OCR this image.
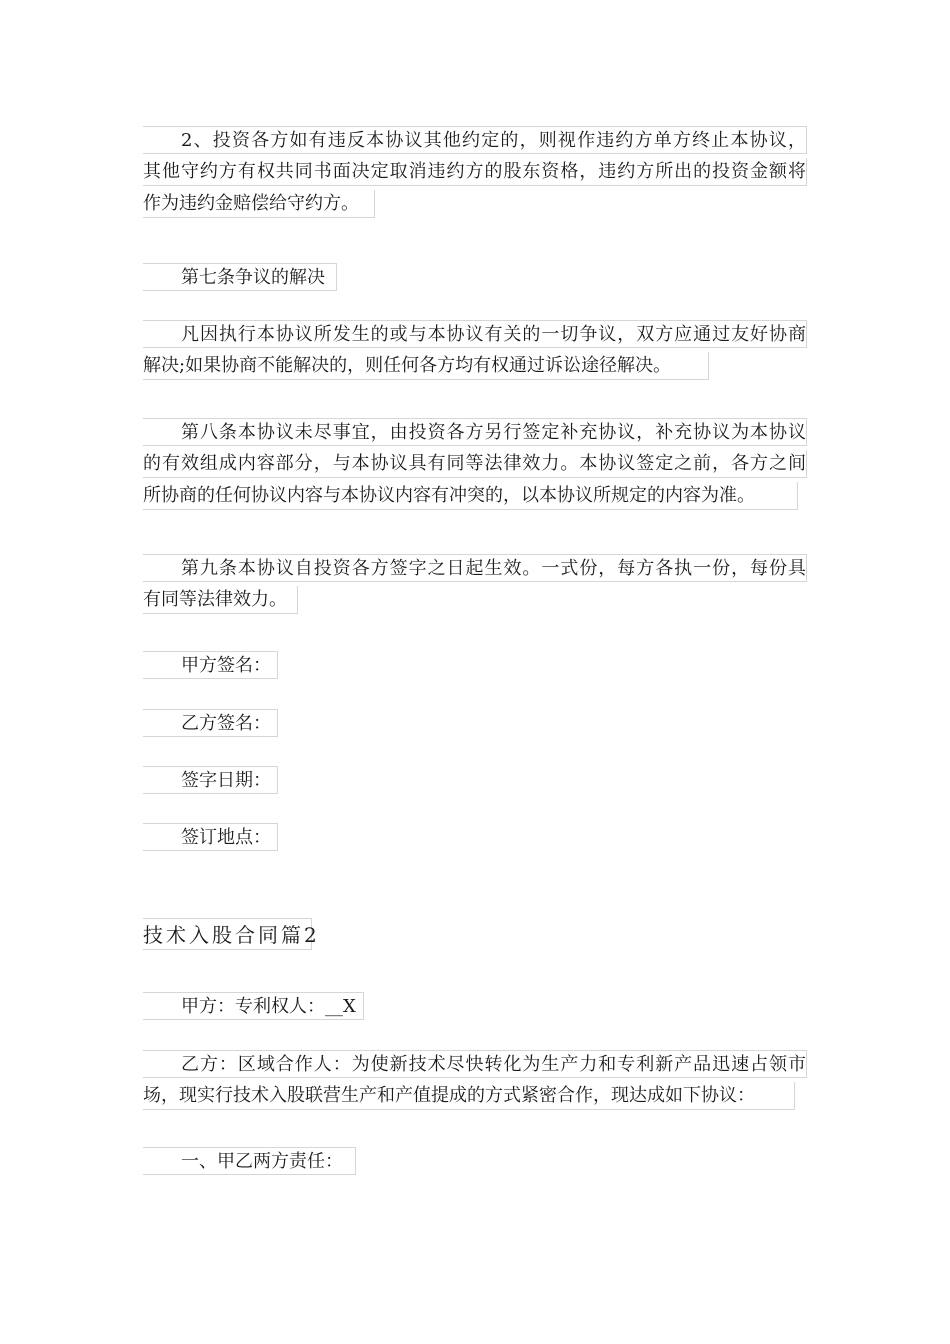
2、投资各方如有违反本协议其他约定的，则视作违约方单方终止本协议，
其他守约方有权共同书面决定取消违约方的股东资格，违约方所出的投资金额将
作为违约金赔偿给守约方。
第七条争议的解决
凡因执行本协议所发生的或与本协议有关的一切争议，双方应通过友好协商
解决;如果协商不能解决的，则任何各方均有权通过诉讼途径解决。
第八条本协议未尽事宜，由投资各方另行签定补充协议，补充协议为本协议
的有效组成内容部分，与本协议具有同等法律效力。本协议签定之前，各方之间
所协商的任何协议内容与本协议内容有冲突的，以本协议所规定的内容为准。
第九条本协议自投资各方签字之日起生效。一式份，每方各执一份，每份具
有同等法律效力。
甲方签名：
乙方签名：
签字日期：
签订地点：
技术入股合同篇2
甲方：专利权人：__X
乙方：区域合作人：为使新技术尽快转化为生产力和专利新产品迅速占领市
场，现实行技术入股联营生产和产值提成的方式紧密合作，现达成如下协议：
一、甲乙两方责任：
